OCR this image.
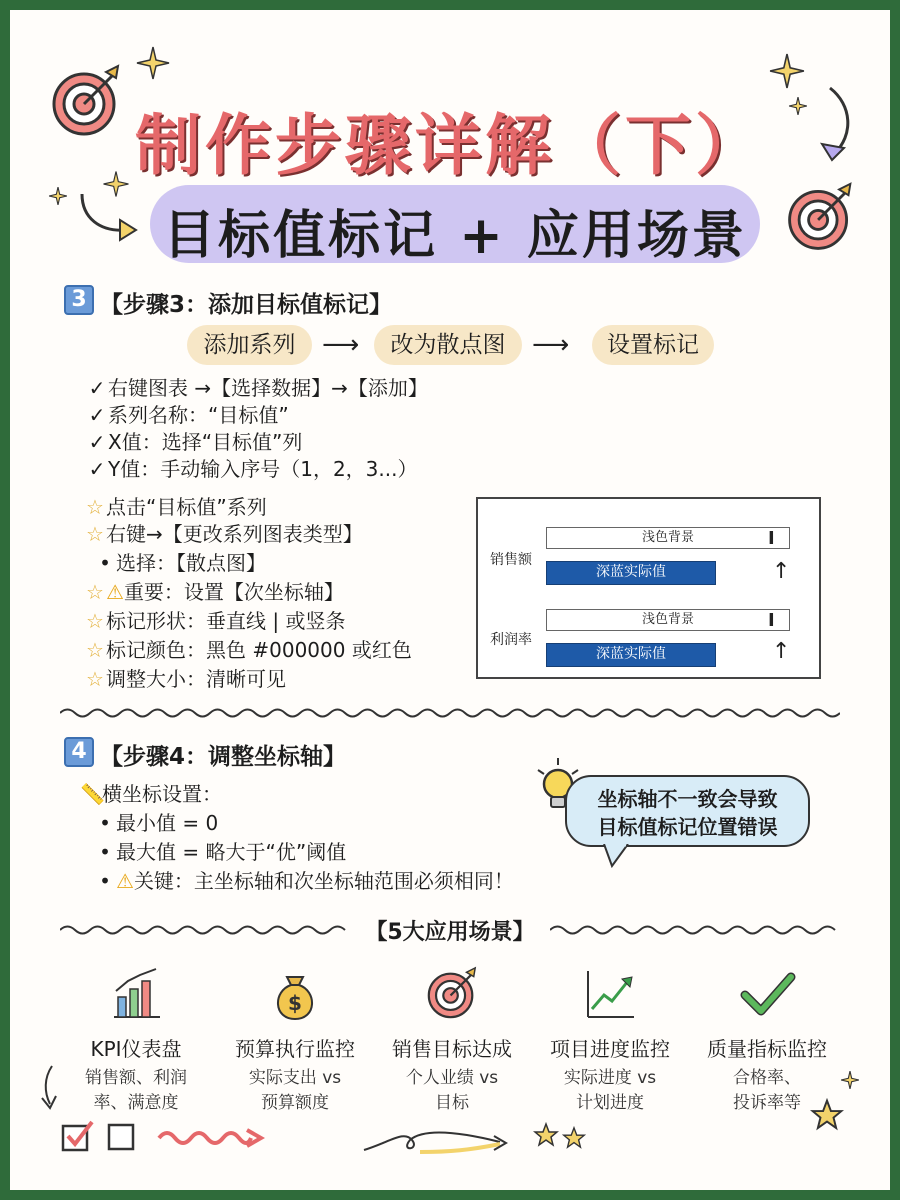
制作步骤详解（下）
目标值标记 + 应用场景
3 【步骤3：添加目标值标记】
添加系列	⟶	改为散点图	⟶	设置标记
✓ 右键图表 →【选择数据】→【添加】
✓ 系列名称：“目标值”
✓ X值：选择“目标值”列
✓ Y值：手动输入序号（1，2，3...）
☆ 点击“目标值”系列
☆ 右键→【更改系列图表类型】
• 选择：【散点图】
☆ ⚠重要：设置【次坐标轴】
☆ 标记形状：垂直线 | 或竖条
☆ 标记颜色：黑色 #000000 或红色
☆ 调整大小：清晰可见
销售额
浅色背景	I
深蓝实际值	↑
利润率
浅色背景	I
深蓝实际值	↑
4 【步骤4：调整坐标轴】
📏横坐标设置：
• 最小值 = 0
• 最大值 = 略大于“优”阈值
• ⚠关键：主坐标轴和次坐标轴范围必须相同！
坐标轴不一致会导致
目标值标记位置错误
【5大应用场景】
KPI仪表盘
销售额、利润
率、满意度
$
预算执行监控
实际支出 vs
预算额度
销售目标达成
个人业绩 vs
目标
项目进度监控
实际进度 vs
计划进度
质量指标监控
合格率、
投诉率等
